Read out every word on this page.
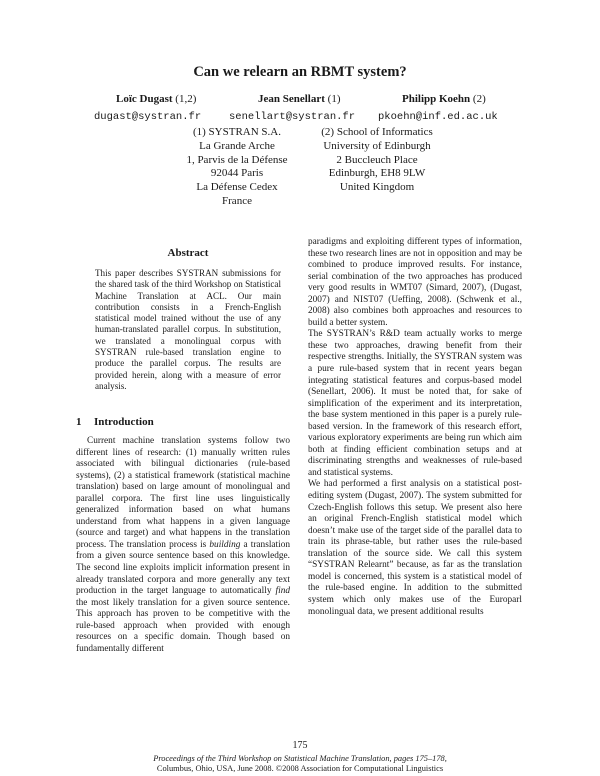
Can we relearn an RBMT system?
Loïc Dugast (1,2)	Jean Senellart (1)	Philipp Koehn (2)
dugast@systran.fr	senellart@systran.fr pkoehn@inf.ed.ac.uk
(1) SYSTRAN S.A.
La Grande Arche
1, Parvis de la Défense
92044 Paris
La Défense Cedex
France
(2) School of Informatics
University of Edinburgh
2 Buccleuch Place
Edinburgh, EH8 9LW
United Kingdom
Abstract
This paper describes SYSTRAN submissions for the shared task of the third Workshop on Statistical Machine Translation at ACL. Our main contribution consists in a French-English statistical model trained without the use of any human-translated parallel corpus. In substitution, we translated a monolingual corpus with SYSTRAN rule-based translation engine to produce the parallel corpus. The results are provided herein, along with a measure of error analysis.
1 Introduction

Current machine translation systems follow two different lines of research: (1) manually written rules associated with bilingual dictionaries (rule-based systems), (2) a statistical framework (statistical machine translation) based on large amount of monolingual and parallel corpora. The first line uses linguistically generalized information based on what humans understand from what happens in a given language (source and target) and what happens in the translation process. The translation process is building a translation from a given source sentence based on this knowledge. The second line exploits implicit information present in already translated corpora and more generally any text production in the target language to automatically find the most likely translation for a given source sentence. This approach has proven to be competitive with the rule-based approach when provided with enough resources on a specific domain. Though based on fundamentally different

paradigms and exploiting different types of information, these two research lines are not in opposition and may be combined to produce improved results. For instance, serial combination of the two approaches has produced very good results in WMT07 (Simard, 2007), (Dugast, 2007) and NIST07 (Ueffing, 2008). (Schwenk et al., 2008) also combines both approaches and resources to build a better system.

The SYSTRAN’s R&D team actually works to merge these two approaches, drawing benefit from their respective strengths. Initially, the SYSTRAN system was a pure rule-based system that in recent years began integrating statistical features and corpus-based model (Senellart, 2006). It must be noted that, for sake of simplification of the experiment and its interpretation, the base system mentioned in this paper is a purely rule-based version. In the framework of this research effort, various exploratory experiments are being run which aim both at finding efficient combination setups and at discriminating strengths and weaknesses of rule-based and statistical systems.

We had performed a first analysis on a statistical post-editing system (Dugast, 2007). The system submitted for Czech-English follows this setup. We present also here an original French-English statistical model which doesn’t make use of the target side of the parallel data to train its phrase-table, but rather uses the rule-based translation of the source side. We call this system “SYSTRAN Relearnt” because, as far as the translation model is concerned, this system is a statistical model of the rule-based engine. In addition to the submitted system which only makes use of the Europarl monolingual data, we present additional results

175
Proceedings of the Third Workshop on Statistical Machine Translation, pages 175–178,
Columbus, Ohio, USA, June 2008. ©2008 Association for Computational Linguistics
